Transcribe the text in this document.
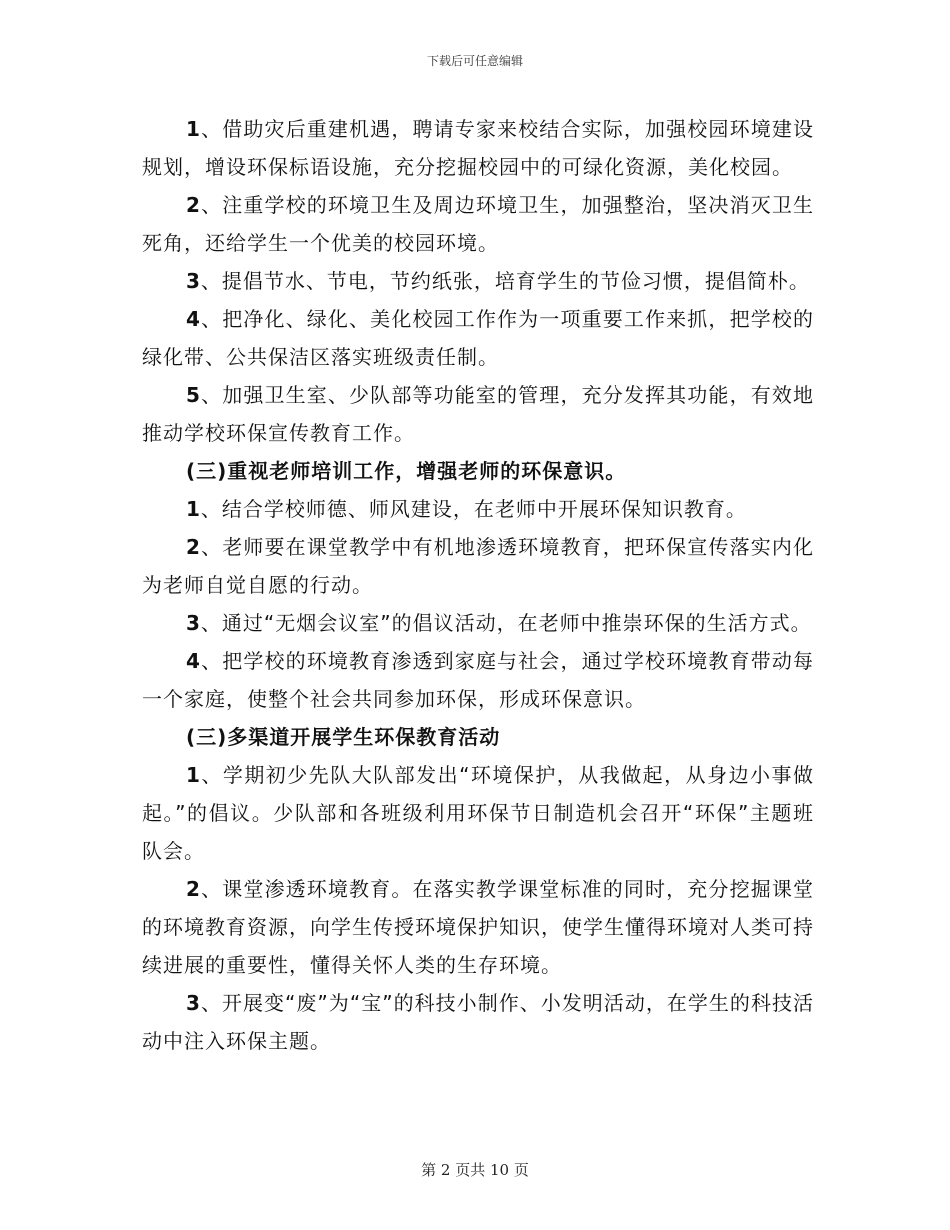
下载后可任意编辑

1、借助灾后重建机遇，聘请专家来校结合实际，加强校园环境建设规划，增设环保标语设施，充分挖掘校园中的可绿化资源，美化校园。

2、注重学校的环境卫生及周边环境卫生，加强整治，坚决消灭卫生死角，还给学生一个优美的校园环境。

3、提倡节水、节电，节约纸张，培育学生的节俭习惯，提倡简朴。

4、把净化、绿化、美化校园工作作为一项重要工作来抓，把学校的绿化带、公共保洁区落实班级责任制。

5、加强卫生室、少队部等功能室的管理，充分发挥其功能，有效地推动学校环保宣传教育工作。

(三)重视老师培训工作，增强老师的环保意识。

1、结合学校师德、师风建设，在老师中开展环保知识教育。

2、老师要在课堂教学中有机地渗透环境教育，把环保宣传落实内化为老师自觉自愿的行动。

3、通过“无烟会议室”的倡议活动，在老师中推崇环保的生活方式。

4、把学校的环境教育渗透到家庭与社会，通过学校环境教育带动每一个家庭，使整个社会共同参加环保，形成环保意识。

(三)多渠道开展学生环保教育活动

1、学期初少先队大队部发出“环境保护，从我做起，从身边小事做起。”的倡议。少队部和各班级利用环保节日制造机会召开“环保”主题班队会。

2、课堂渗透环境教育。在落实教学课堂标准的同时，充分挖掘课堂的环境教育资源，向学生传授环境保护知识，使学生懂得环境对人类可持续进展的重要性，懂得关怀人类的生存环境。

3、开展变“废”为“宝”的科技小制作、小发明活动，在学生的科技活动中注入环保主题。

第 2 页共 10 页
